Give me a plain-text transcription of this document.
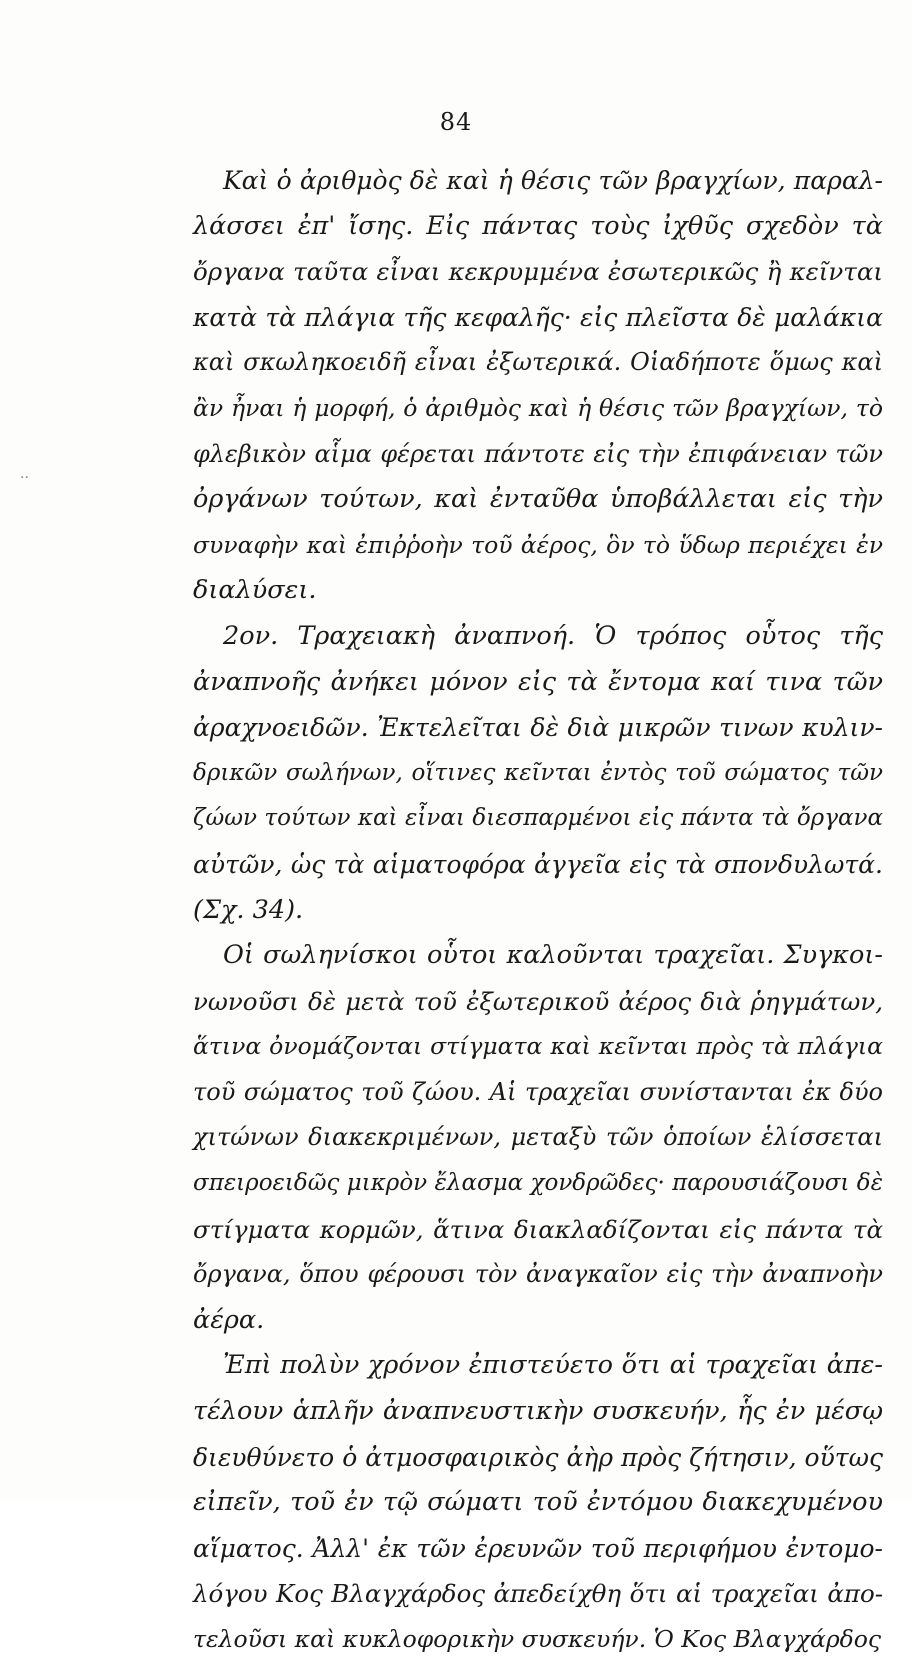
84
··
Καὶ ὁ ἀριθμὸς δὲ καὶ ἡ θέσις τῶν βραγχίων, παραλ-
λάσσει ἐπ' ἴσης. Εἰς πάντας τοὺς ἰχθῦς σχεδὸν τὰ
ὄργανα ταῦτα εἶναι κεκρυμμένα ἐσωτερικῶς ἢ κεῖνται
κατὰ τὰ πλάγια τῆς κεφαλῆς· εἰς πλεῖστα δὲ μαλάκια
καὶ σκωληκοειδῆ εἶναι ἐξωτερικά. Οἱαδήποτε ὅμως καὶ
ἂν ἦναι ἡ μορφή, ὁ ἀριθμὸς καὶ ἡ θέσις τῶν βραγχίων, τὸ
φλεβικὸν αἷμα φέρεται πάντοτε εἰς τὴν ἐπιφάνειαν τῶν
ὀργάνων τούτων, καὶ ἐνταῦθα ὑποβάλλεται εἰς τὴν
συναφὴν καὶ ἐπιῤῥοὴν τοῦ ἀέρος, ὃν τὸ ὕδωρ περιέχει ἐν
διαλύσει.
2ον. Τραχειακὴ ἀναπνοή. Ὁ τρόπος οὗτος τῆς
ἀναπνοῆς ἀνήκει μόνον εἰς τὰ ἔντομα καί τινα τῶν
ἀραχνοειδῶν. Ἐκτελεῖται δὲ διὰ μικρῶν τινων κυλιν-
δρικῶν σωλήνων, οἵτινες κεῖνται ἐντὸς τοῦ σώματος τῶν
ζώων τούτων καὶ εἶναι διεσπαρμένοι εἰς πάντα τὰ ὄργανα
αὐτῶν, ὡς τὰ αἱματοφόρα ἀγγεῖα εἰς τὰ σπονδυλωτά.
(Σχ. 34).
Οἱ σωληνίσκοι οὗτοι καλοῦνται τραχεῖαι. Συγκοι-
νωνοῦσι δὲ μετὰ τοῦ ἐξωτερικοῦ ἀέρος διὰ ῥηγμάτων,
ἅτινα ὀνομάζονται στίγματα καὶ κεῖνται πρὸς τὰ πλάγια
τοῦ σώματος τοῦ ζώου. Αἱ τραχεῖαι συνίστανται ἐκ δύο
χιτώνων διακεκριμένων, μεταξὺ τῶν ὁποίων ἑλίσσεται
σπειροειδῶς μικρὸν ἔλασμα χονδρῶδες· παρουσιάζουσι δὲ
στίγματα κορμῶν, ἅτινα διακλαδίζονται εἰς πάντα τὰ
ὄργανα, ὅπου φέρουσι τὸν ἀναγκαῖον εἰς τὴν ἀναπνοὴν
ἀέρα.
Ἐπὶ πολὺν χρόνον ἐπιστεύετο ὅτι αἱ τραχεῖαι ἀπε-
τέλουν ἁπλῆν ἀναπνευστικὴν συσκευήν, ἧς ἐν μέσῳ
διευθύνετο ὁ ἀτμοσφαιρικὸς ἀὴρ πρὸς ζήτησιν, οὕτως
εἰπεῖν, τοῦ ἐν τῷ σώματι τοῦ ἐντόμου διακεχυμένου
αἵματος. Ἀλλ' ἐκ τῶν ἐρευνῶν τοῦ περιφήμου ἐντομο-
λόγου Κος Βλαγχάρδος ἀπεδείχθη ὅτι αἱ τραχεῖαι ἀπο-
τελοῦσι καὶ κυκλοφορικὴν συσκευήν. Ὁ Κος Βλαγχάρδος
